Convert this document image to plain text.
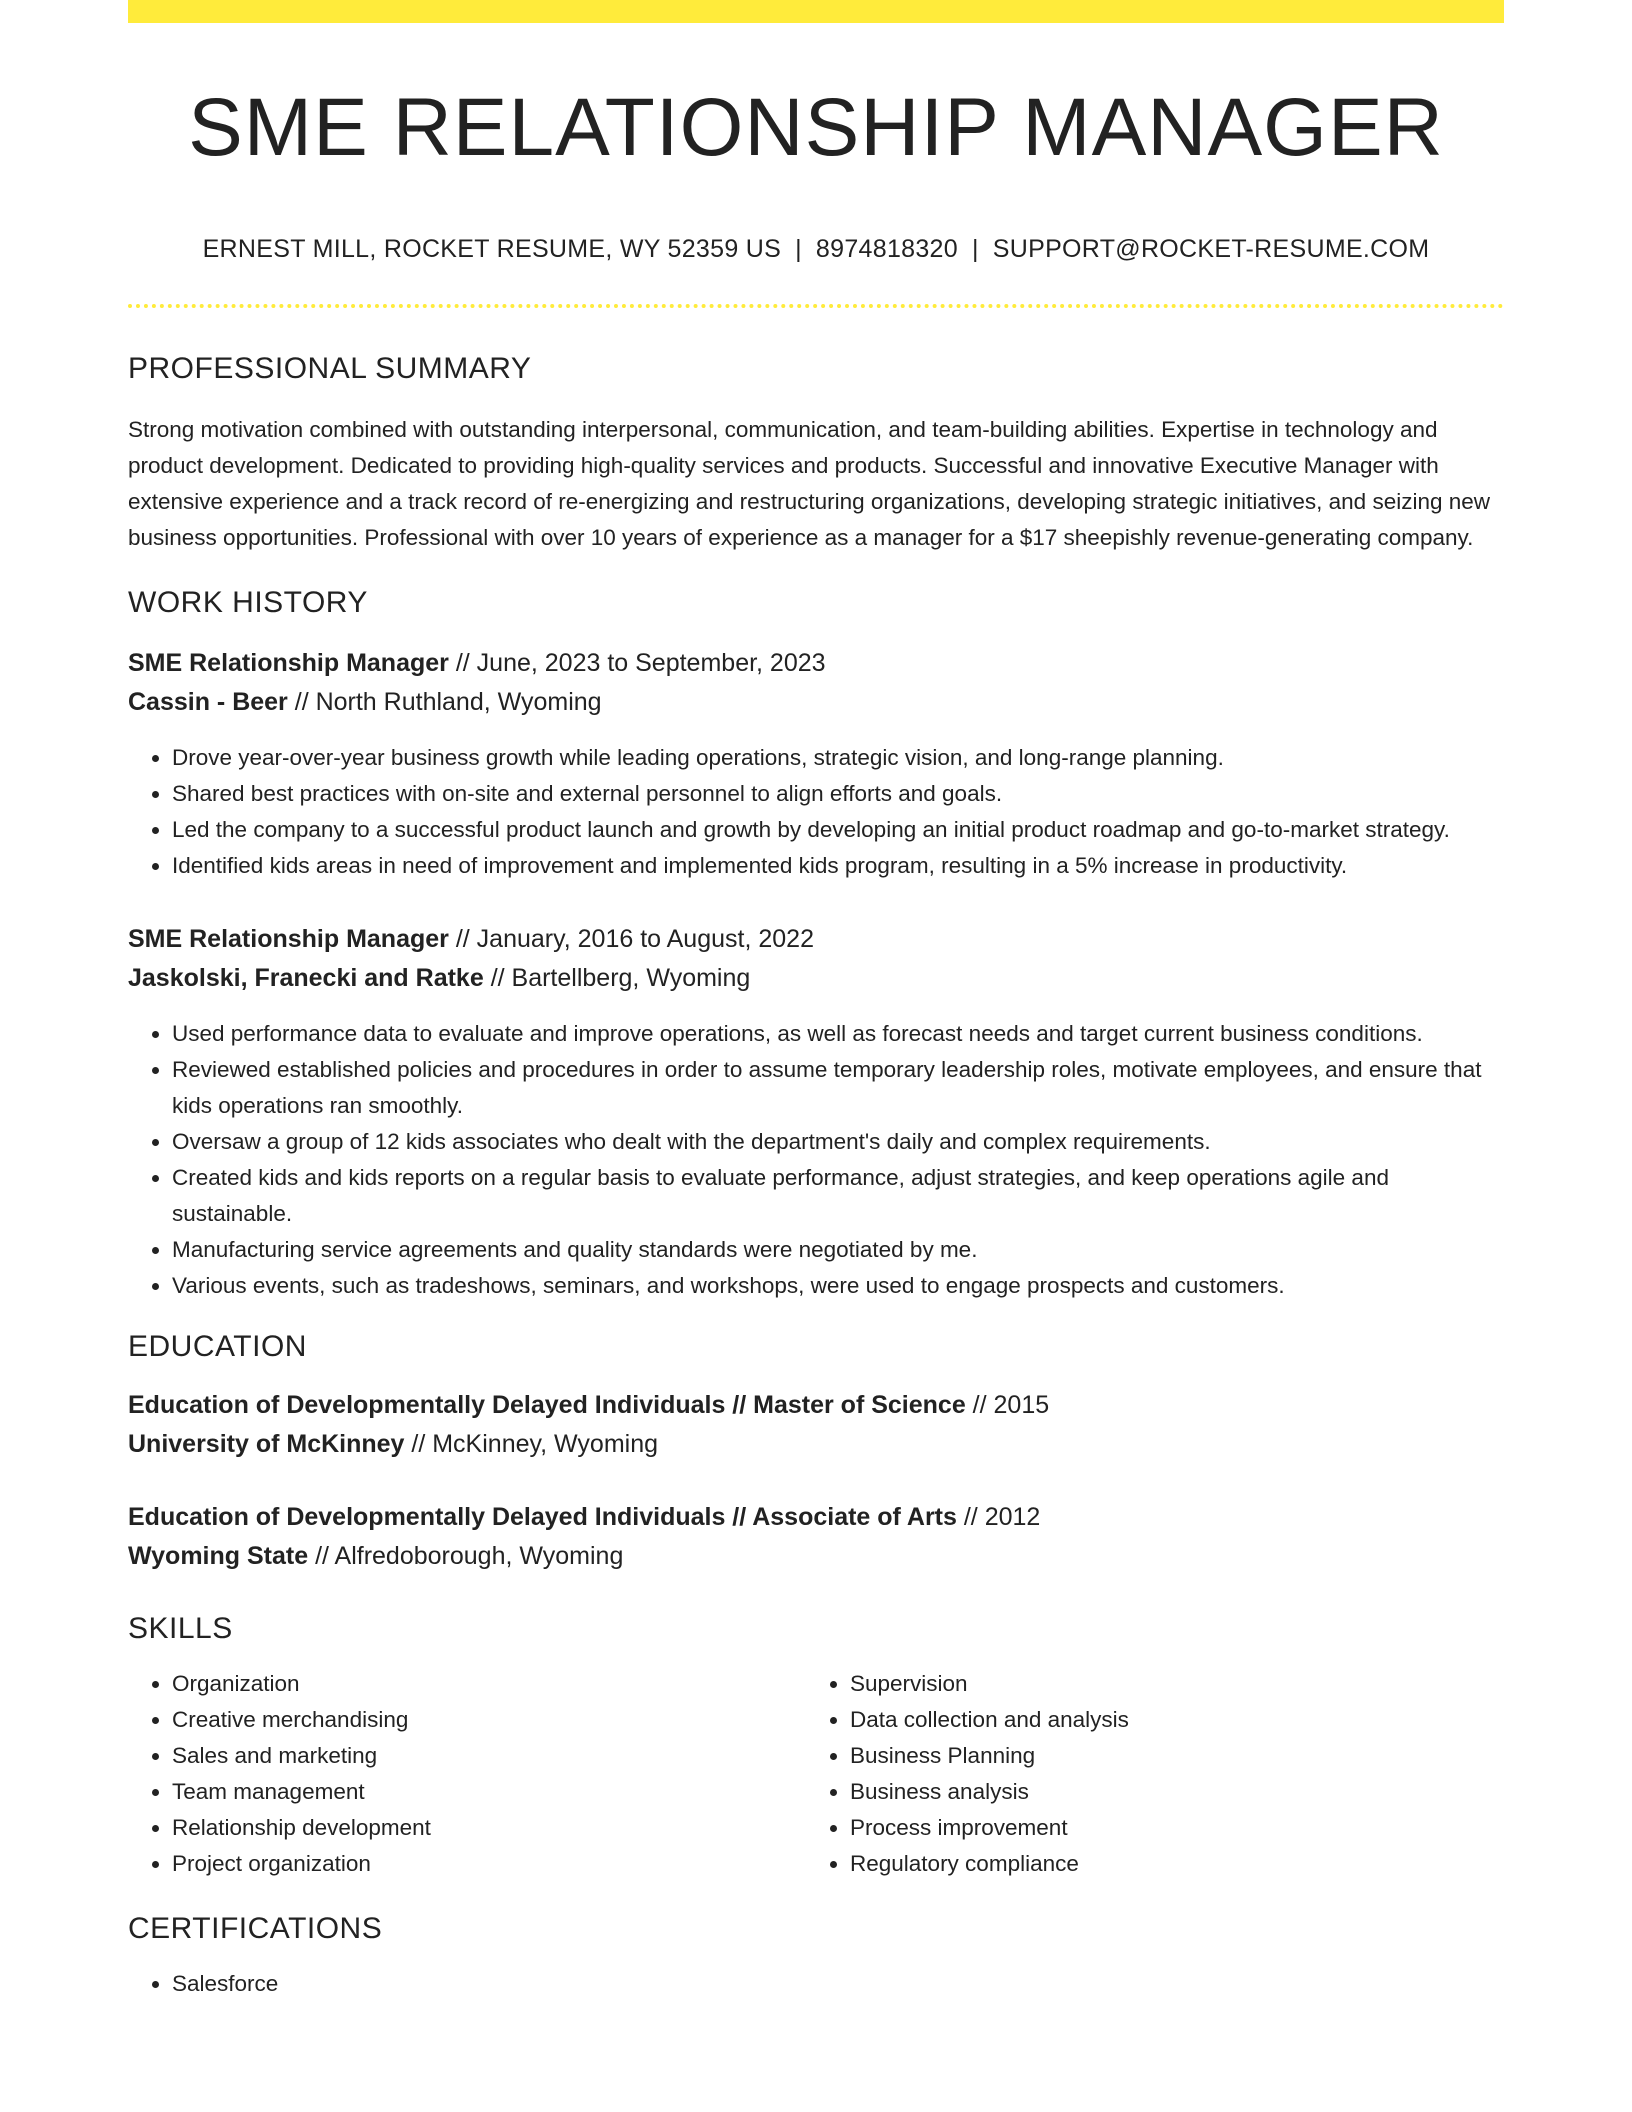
SME RELATIONSHIP MANAGER
ERNEST MILL, ROCKET RESUME, WY 52359 US | 8974818320 | SUPPORT@ROCKET-RESUME.COM
PROFESSIONAL SUMMARY

Strong motivation combined with outstanding interpersonal, communication, and team-building abilities. Expertise in technology and product development. Dedicated to providing high-quality services and products. Successful and innovative Executive Manager with extensive experience and a track record of re-energizing and restructuring organizations, developing strategic initiatives, and seizing new business opportunities. Professional with over 10 years of experience as a manager for a $17 sheepishly revenue-generating company.

WORK HISTORY
SME Relationship Manager // June, 2023 to September, 2023
Cassin - Beer // North Ruthland, Wyoming
• Drove year-over-year business growth while leading operations, strategic vision, and long-range planning.
• Shared best practices with on-site and external personnel to align efforts and goals.
• Led the company to a successful product launch and growth by developing an initial product roadmap and go-to-market strategy.
• Identified kids areas in need of improvement and implemented kids program, resulting in a 5% increase in productivity.
SME Relationship Manager // January, 2016 to August, 2022
Jaskolski, Franecki and Ratke // Bartellberg, Wyoming
• Used performance data to evaluate and improve operations, as well as forecast needs and target current business conditions.
• Reviewed established policies and procedures in order to assume temporary leadership roles, motivate employees, and ensure that kids operations ran smoothly.
• Oversaw a group of 12 kids associates who dealt with the department's daily and complex requirements.
• Created kids and kids reports on a regular basis to evaluate performance, adjust strategies, and keep operations agile and sustainable.
• Manufacturing service agreements and quality standards were negotiated by me.
• Various events, such as tradeshows, seminars, and workshops, were used to engage prospects and customers.
EDUCATION
Education of Developmentally Delayed Individuals // Master of Science // 2015
University of McKinney // McKinney, Wyoming
Education of Developmentally Delayed Individuals // Associate of Arts // 2012
Wyoming State // Alfredoborough, Wyoming
SKILLS
• Organization
• Creative merchandising
• Sales and marketing
• Team management
• Relationship development
• Project organization
• Supervision
• Data collection and analysis
• Business Planning
• Business analysis
• Process improvement
• Regulatory compliance
CERTIFICATIONS
• Salesforce
